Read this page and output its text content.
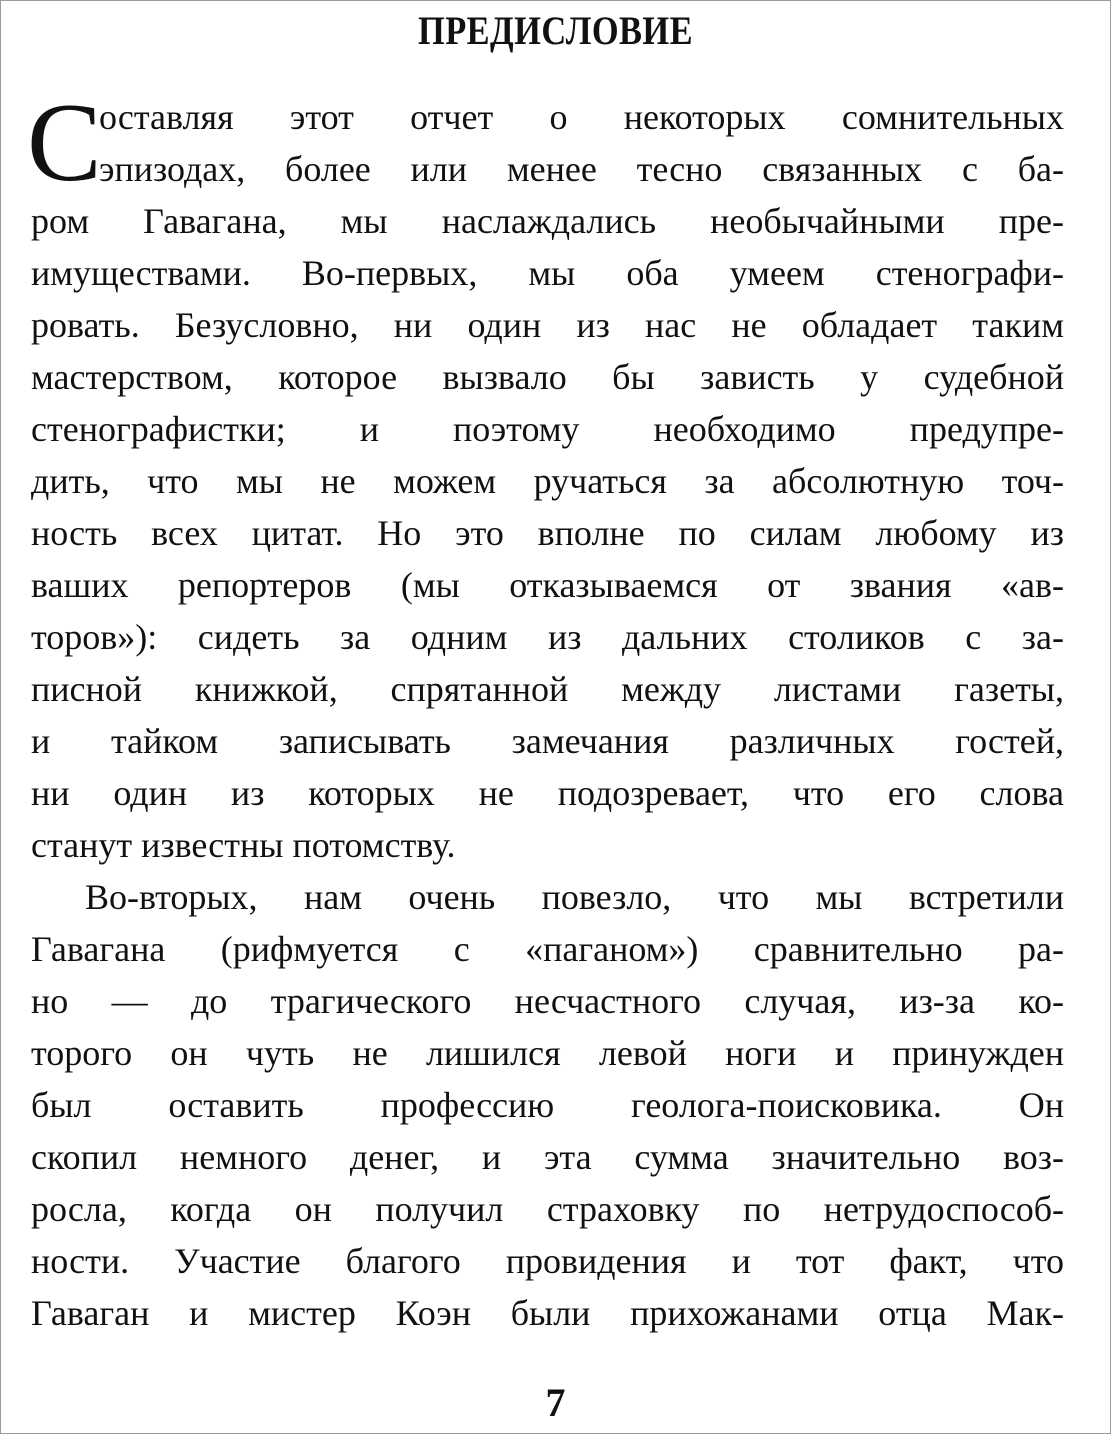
ПРЕДИСЛОВИЕ
С
оставляя этот отчет о некоторых сомнительных
эпизодах, более или менее тесно связанных с ба-
ром Гавагана, мы наслаждались необычайными пре-
имуществами. Во-первых, мы оба умеем стенографи-
ровать. Безусловно, ни один из нас не обладает таким
мастерством, которое вызвало бы зависть у судебной
стенографистки; и поэтому необходимо предупре-
дить, что мы не можем ручаться за абсолютную точ-
ность всех цитат. Но это вполне по силам любому из
ваших репортеров (мы отказываемся от звания «ав-
торов»): сидеть за одним из дальних столиков с за-
писной книжкой, спрятанной между листами газеты,
и тайком записывать замечания различных гостей,
ни один из которых не подозревает, что его слова
станут известны потомству.
Во-вторых, нам очень повезло, что мы встретили
Гавагана (рифмуется с «паганом») сравнительно ра-
но — до трагического несчастного случая, из-за ко-
торого он чуть не лишился левой ноги и принужден
был оставить профессию геолога-поисковика. Он
скопил немного денег, и эта сумма значительно воз-
росла, когда он получил страховку по нетрудоспособ-
ности. Участие благого провидения и тот факт, что
Гаваган и мистер Коэн были прихожанами отца Мак-
7
